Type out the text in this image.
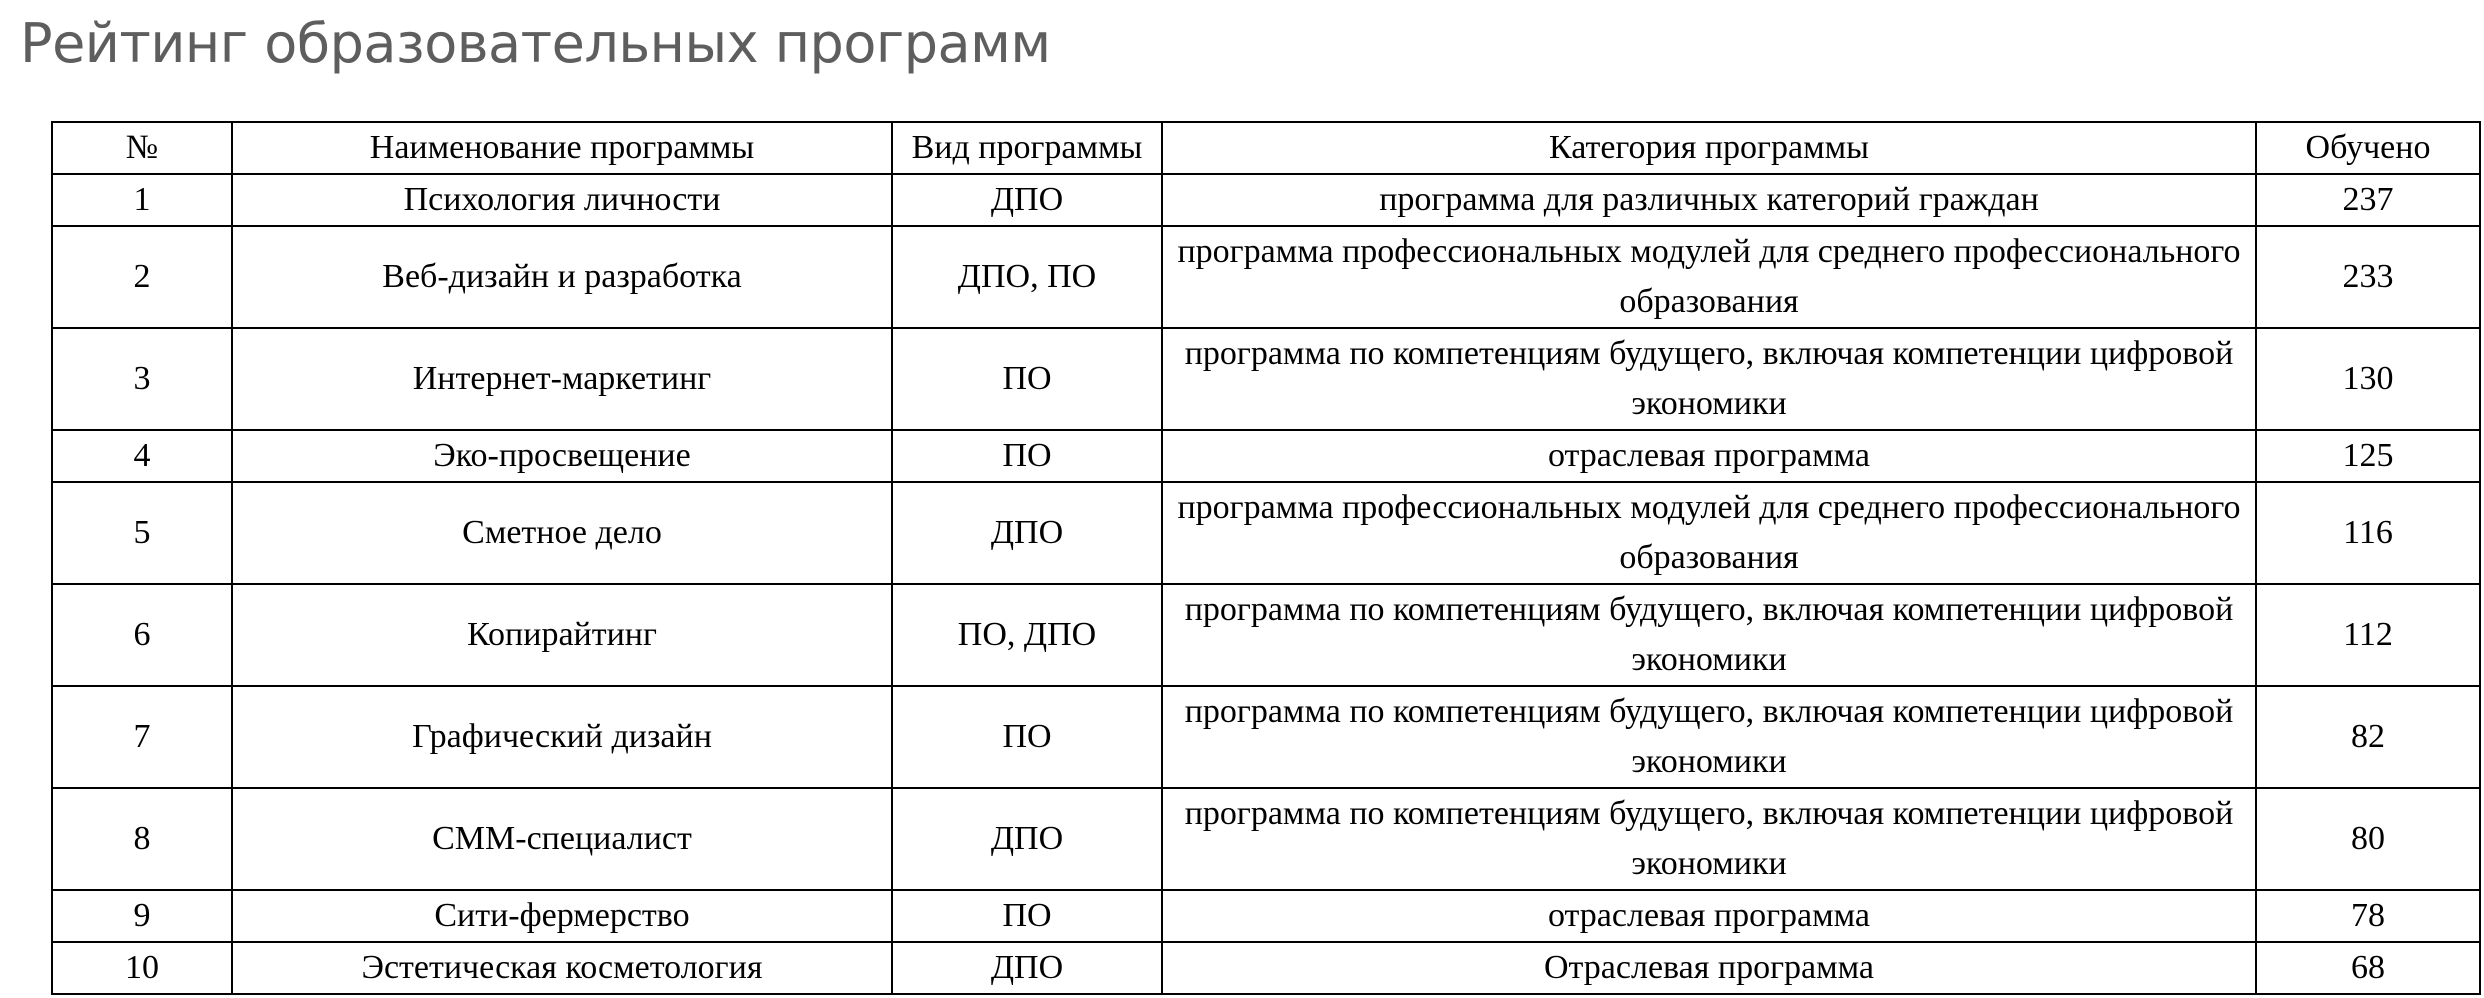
Рейтинг образовательных программ
№	Наименование программы	Вид программы	Категория программы	Обучено
1	Психология личности	ДПО	программа для различных категорий граждан	237
2	Веб-дизайн и разработка	ДПО, ПО	программа профессиональных модулей для среднего профессионального образования	233
3	Интернет-маркетинг	ПО	программа по компетенциям будущего, включая компетенции цифровой экономики	130
4	Эко-просвещение	ПО	отраслевая программа	125
5	Сметное дело	ДПО	программа профессиональных модулей для среднего профессионального образования	116
6	Копирайтинг	ПО, ДПО	программа по компетенциям будущего, включая компетенции цифровой экономики	112
7	Графический дизайн	ПО	программа по компетенциям будущего, включая компетенции цифровой экономики	82
8	СММ-специалист	ДПО	программа по компетенциям будущего, включая компетенции цифровой экономики	80
9	Сити-фермерство	ПО	отраслевая программа	78
10	Эстетическая косметология	ДПО	Отраслевая программа	68
